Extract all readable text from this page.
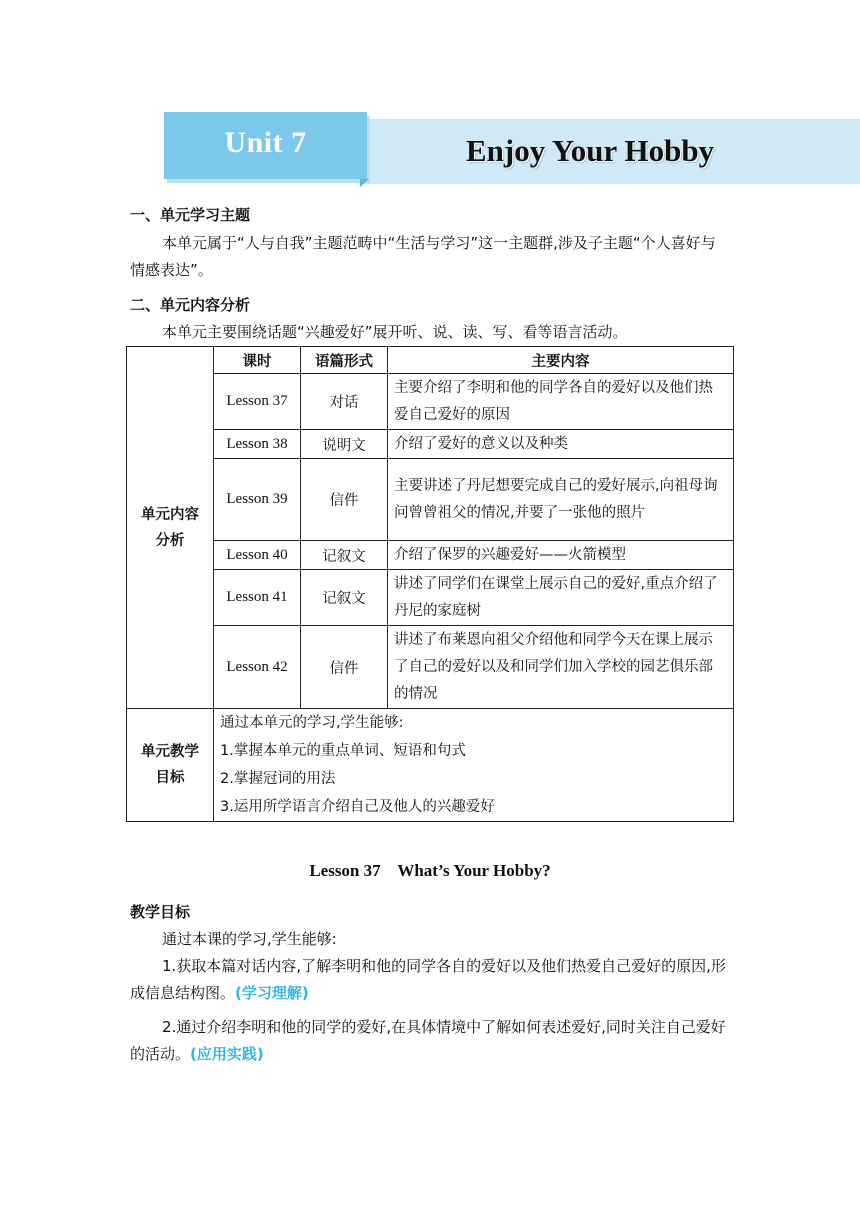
Unit 7	Enjoy Your Hobby
一、单元学习主题
本单元属于“人与自我”主题范畴中“生活与学习”这一主题群,涉及子主题“个人喜好与情感表达”。
二、单元内容分析
本单元主要围绕话题“兴趣爱好”展开听、说、读、写、看等语言活动。
单元内容分析	课时	语篇形式	主要内容
	Lesson 37	对话	主要介绍了李明和他的同学各自的爱好以及他们热爱自己爱好的原因
	Lesson 38	说明文	介绍了爱好的意义以及种类
	Lesson 39	信件	主要讲述了丹尼想要完成自己的爱好展示,向祖母询问曾曾祖父的情况,并要了一张他的照片
	Lesson 40	记叙文	介绍了保罗的兴趣爱好——火箭模型
	Lesson 41	记叙文	讲述了同学们在课堂上展示自己的爱好,重点介绍了丹尼的家庭树
	Lesson 42	信件	讲述了布莱恩向祖父介绍他和同学今天在课上展示了自己的爱好以及和同学们加入学校的园艺俱乐部的情况
单元教学目标	通过本单元的学习,学生能够:
1.掌握本单元的重点单词、短语和句式
2.掌握冠词的用法
3.运用所学语言介绍自己及他人的兴趣爱好		
Lesson 37    What’s Your Hobby?
教学目标
通过本课的学习,学生能够:
1.获取本篇对话内容,了解李明和他的同学各自的爱好以及他们热爱自己爱好的原因,形成信息结构图。(学习理解)
2.通过介绍李明和他的同学的爱好,在具体情境中了解如何表述爱好,同时关注自己爱好的活动。(应用实践)
